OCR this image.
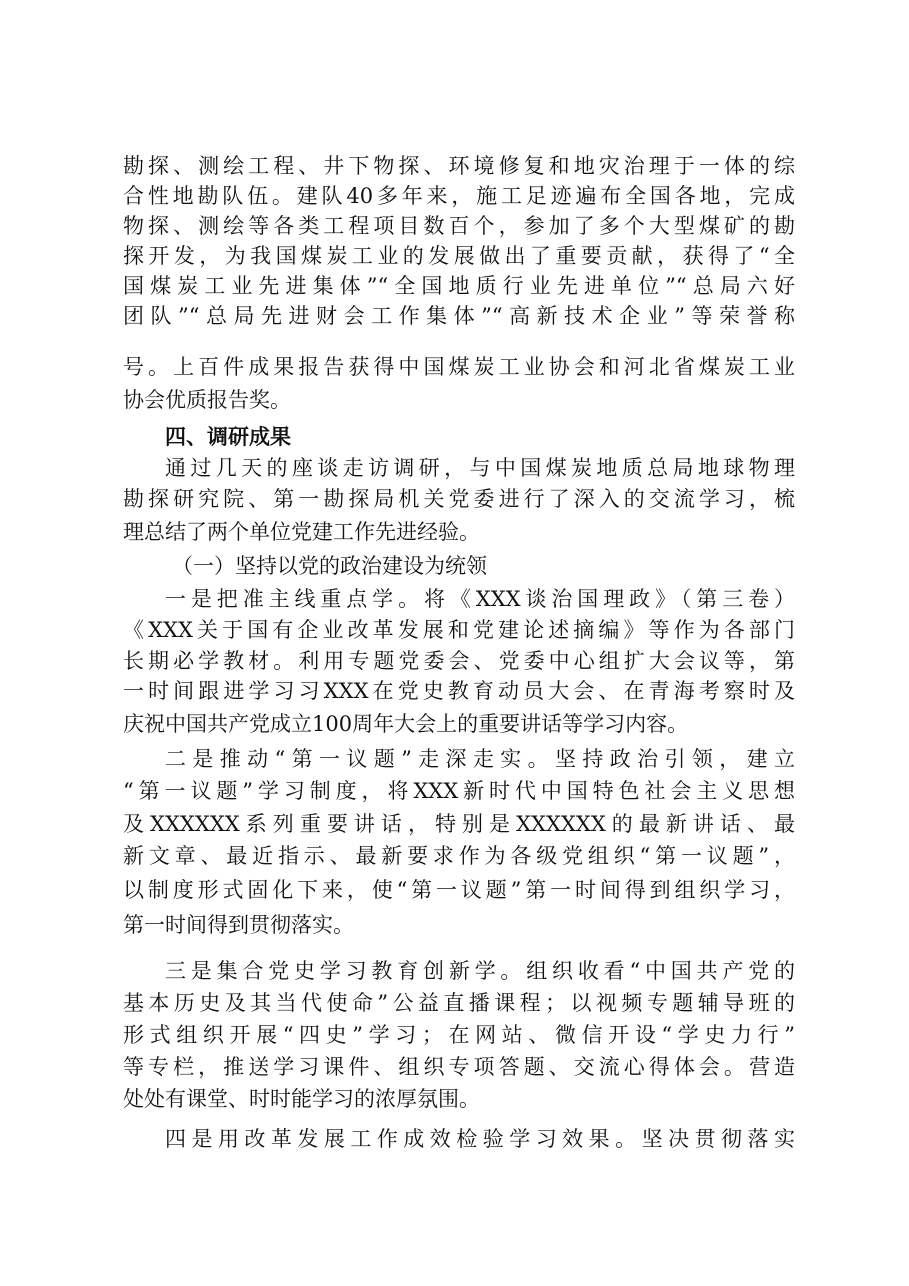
勘探、测绘工程、井下物探、环境修复和地灾治理于一体的综
合性地勘队伍。建队40多年来，施工足迹遍布全国各地，完成
物探、测绘等各类工程项目数百个，参加了多个大型煤矿的勘
探开发，为我国煤炭工业的发展做出了重要贡献，获得了“全
国煤炭工业先进集体”“全国地质行业先进单位”“总局六好
团队”“总局先进财会工作集体”“高新技术企业”等荣誉称
号。上百件成果报告获得中国煤炭工业协会和河北省煤炭工业
协会优质报告奖。
四、调研成果
通过几天的座谈走访调研，与中国煤炭地质总局地球物理
勘探研究院、第一勘探局机关党委进行了深入的交流学习，梳
理总结了两个单位党建工作先进经验。
（一）坚持以党的政治建设为统领
一是把准主线重点学。将《XXX谈治国理政》（第三卷）
《XXX关于国有企业改革发展和党建论述摘编》等作为各部门
长期必学教材。利用专题党委会、党委中心组扩大会议等，第
一时间跟进学习习XXX在党史教育动员大会、在青海考察时及
庆祝中国共产党成立100周年大会上的重要讲话等学习内容。
二是推动“第一议题”走深走实。坚持政治引领，建立
“第一议题”学习制度，将XXX新时代中国特色社会主义思想
及XXXXXX系列重要讲话，特别是XXXXXX的最新讲话、最
新文章、最近指示、最新要求作为各级党组织“第一议题”，
以制度形式固化下来，使“第一议题”第一时间得到组织学习，
第一时间得到贯彻落实。
三是集合党史学习教育创新学。组织收看“中国共产党的
基本历史及其当代使命”公益直播课程；以视频专题辅导班的
形式组织开展“四史”学习；在网站、微信开设“学史力行”
等专栏，推送学习课件、组织专项答题、交流心得体会。营造
处处有课堂、时时能学习的浓厚氛围。
四是用改革发展工作成效检验学习效果。坚决贯彻落实
